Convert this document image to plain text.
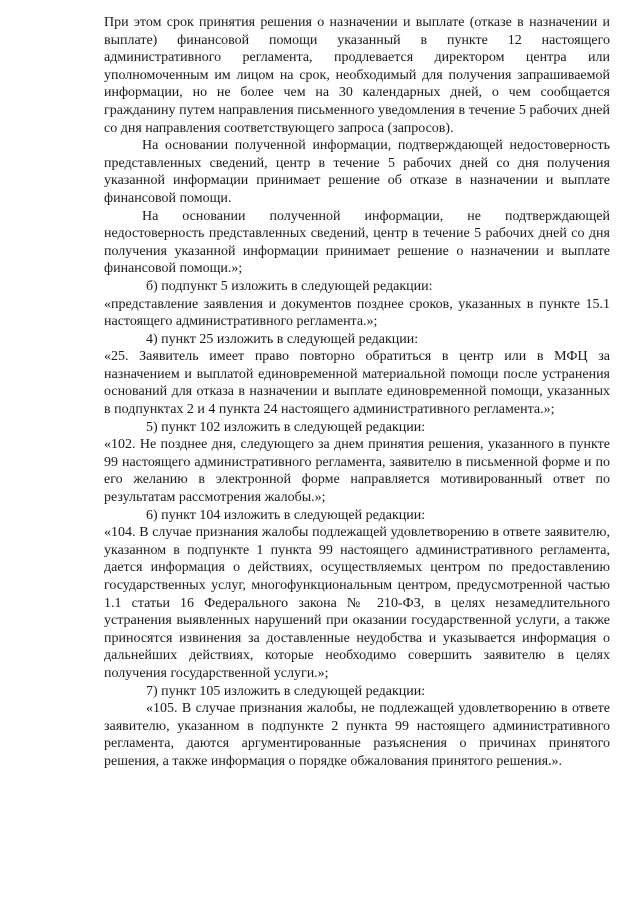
При этом срок принятия решения о назначении и выплате (отказе в назначении и выплате) финансовой помощи указанный в пункте 12 настоящего административного регламента, продлевается директором центра или уполномоченным им лицом на срок, необходимый для получения запрашиваемой информации, но не более чем на 30 календарных дней, о чем сообщается гражданину путем направления письменного уведомления в течение 5 рабочих дней со дня направления соответствующего запроса (запросов).

На основании полученной информации, подтверждающей недостоверность представленных сведений, центр в течение 5 рабочих дней со дня получения указанной информации принимает решение об отказе в назначении и выплате финансовой помощи.

На основании полученной информации, не подтверждающей недостоверность представленных сведений, центр в течение 5 рабочих дней со дня получения указанной информации принимает решение о назначении и выплате финансовой помощи.»;

б) подпункт 5 изложить в следующей редакции:

«представление заявления и документов позднее сроков, указанных в пункте 15.1 настоящего административного регламента.»;

4) пункт 25 изложить в следующей редакции:

«25. Заявитель имеет право повторно обратиться в центр или в МФЦ за назначением и выплатой единовременной материальной помощи после устранения оснований для отказа в назначении и выплате единовременной помощи, указанных в подпунктах 2 и 4 пункта 24 настоящего административного регламента.»;

5) пункт 102 изложить в следующей редакции:

«102. Не позднее дня, следующего за днем принятия решения, указанного в пункте 99 настоящего административного регламента, заявителю в письменной форме и по его желанию в электронной форме направляется мотивированный ответ по результатам рассмотрения жалобы.»;

6) пункт 104 изложить в следующей редакции:

«104. В случае признания жалобы подлежащей удовлетворению в ответе заявителю, указанном в подпункте 1 пункта 99 настоящего административного регламента, дается информация о действиях, осуществляемых центром по предоставлению государственных услуг, многофункциональным центром, предусмотренной частью 1.1 статьи 16 Федерального закона № 210-ФЗ, в целях незамедлительного устранения выявленных нарушений при оказании государственной услуги, а также приносятся извинения за доставленные неудобства и указывается информация о дальнейших действиях, которые необходимо совершить заявителю в целях получения государственной услуги.»;

7) пункт 105 изложить в следующей редакции:

«105. В случае признания жалобы, не подлежащей удовлетворению в ответе заявителю, указанном в подпункте 2 пункта 99 настоящего административного регламента, даются аргументированные разъяснения о причинах принятого решения, а также информация о порядке обжалования принятого решения.».
